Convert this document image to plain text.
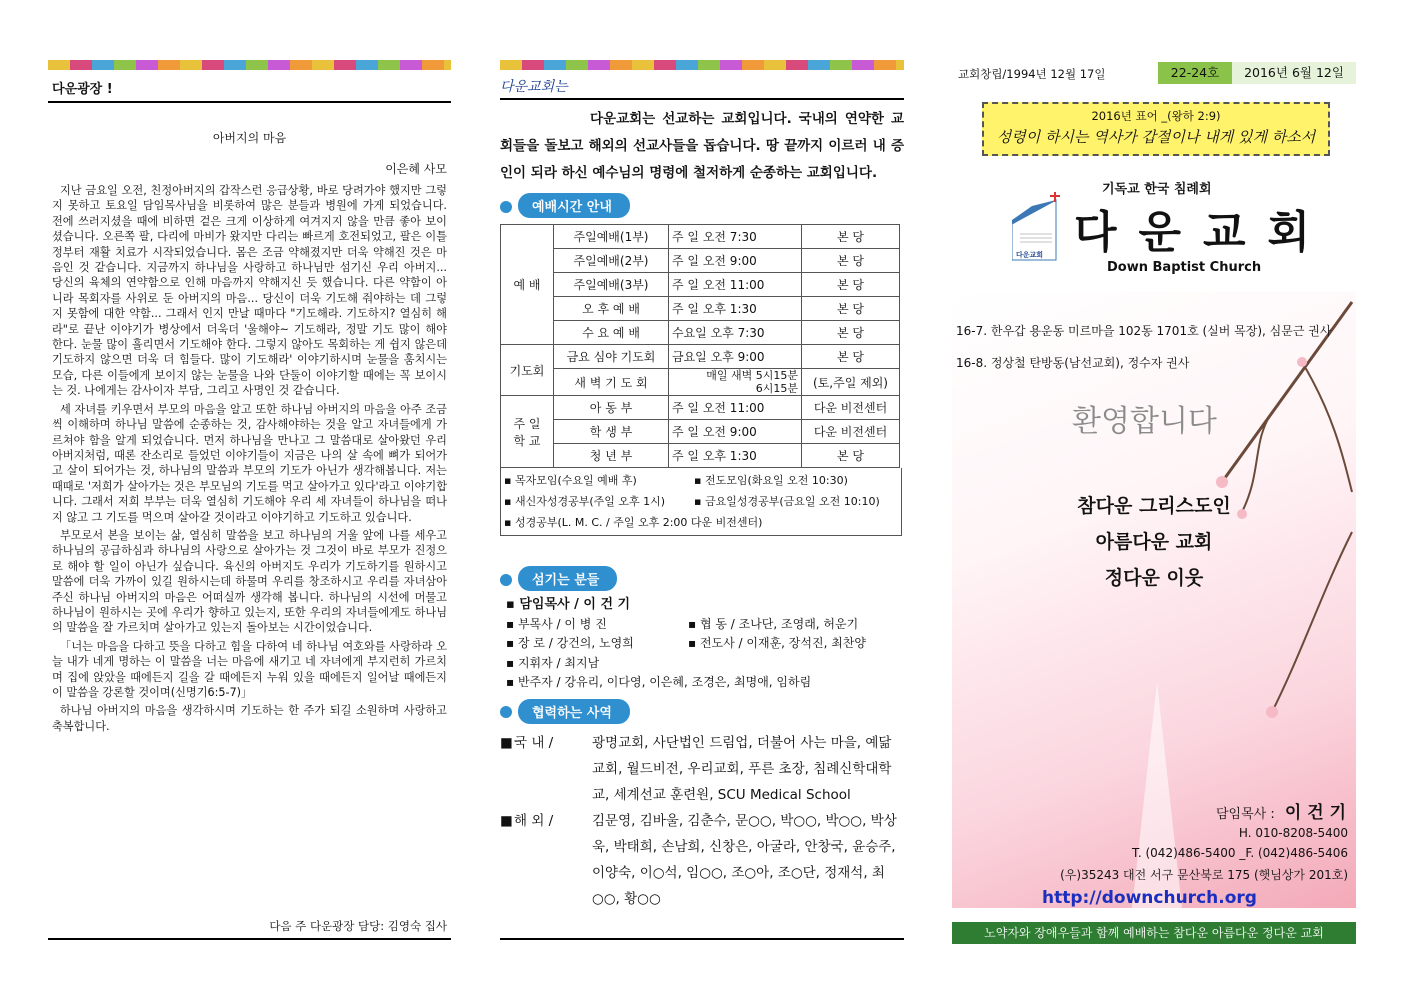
다운광장 !
아버지의 마음
이은혜 사모

지난 금요일 오전, 친정아버지의 갑작스런 응급상황, 바로 당려가야 했지만 그렇지 못하고 토요일 담임목사님을 비롯하여 많은 분들과 병원에 가게 되었습니다. 전에 쓰러지셨을 때에 비하면 겉은 크게 이상하게 여겨지지 않을 만큼 좋아 보이셨습니다. 오른쪽 팔, 다리에 마비가 왔지만 다리는 빠르게 호전되었고, 팔은 이틀 정부터 재활 치료가 시작되었습니다. 몸은 조금 약해졌지만 더욱 약해진 것은 마음인 것 같습니다. 지금까지 하나님을 사랑하고 하나님만 섬기신 우리 아버지... 당신의 육체의 연약함으로 인해 마음까지 약해지신 듯 했습니다. 다른 약함이 아니라 목회자를 사위로 둔 아버지의 마음... 당신이 더욱 기도해 줘야하는 데 그렇지 못함에 대한 약함... 그래서 인지 만날 때마다 "기도해라. 기도하지? 열심히 해라"로 끝난 이야기가 병상에서 더욱더 '울해야~ 기도해라, 정말 기도 많이 해야 한다. 눈물 많이 흘리면서 기도해야 한다. 그렇지 않아도 목회하는 게 쉽지 않은데 기도하지 않으면 더욱 더 힘들다. 많이 기도해라' 이야기하시며 눈물을 훔치시는 모습, 다른 이들에게 보이지 않는 눈물을 나와 단둘이 이야기할 때에는 꼭 보이시는 것. 나에게는 감사이자 부담, 그리고 사명인 것 같습니다.

세 자녀를 키우면서 부모의 마음을 알고 또한 하나님 아버지의 마음을 아주 조금씩 이해하며 하나님 말씀에 순종하는 것, 감사해야하는 것을 알고 자녀들에게 가르쳐야 함을 알게 되었습니다. 먼저 하나님을 만나고 그 말씀대로 살아왔던 우리 아버지처럼, 때론 잔소리로 들었던 이야기들이 지금은 나의 살 속에 뼈가 되어가고 살이 되어가는 것, 하나님의 말씀과 부모의 기도가 아닌가 생각해봅니다. 저는 때때로 '저희가 살아가는 것은 부모님의 기도를 먹고 살아가고 있다'라고 이야기합니다. 그래서 저희 부부는 더욱 열심히 기도해야 우리 세 자녀들이 하나님을 떠나지 않고 그 기도를 먹으며 살아갈 것이라고 이야기하고 기도하고 있습니다.

부모로서 본을 보이는 삶, 열심히 말씀을 보고 하나님의 거울 앞에 나를 세우고 하나님의 공급하심과 하나님의 사랑으로 살아가는 것 그것이 바로 부모가 진정으로 해야 할 일이 아닌가 싶습니다. 육신의 아버지도 우리가 기도하기를 원하시고 말씀에 더욱 가까이 있길 원하시는데 하물며 우리를 창조하시고 우리를 자녀삼아 주신 하나님 아버지의 마음은 어떠실까 생각해 봅니다. 하나님의 시선에 머물고 하나님이 원하시는 곳에 우리가 향하고 있는지, 또한 우리의 자녀들에게도 하나님의 말씀을 잘 가르치며 살아가고 있는지 돌아보는 시간이었습니다.

「너는 마음을 다하고 뜻을 다하고 힘을 다하여 네 하나님 여호와를 사랑하라 오늘 내가 네게 명하는 이 말씀을 너는 마음에 새기고 네 자녀에게 부지런히 가르치며 집에 앉았을 때에든지 길을 갈 때에든지 누워 있을 때에든지 일어날 때에든지 이 말씀을 강론할 것이며(신명기6:5-7)」

하나님 아버지의 마음을 생각하시며 기도하는 한 주가 되길 소원하며 사랑하고 축복합니다.

다음 주 다운광장 담당: 김영숙 집사
다운교회는
다운교회는 선교하는 교회입니다. 국내의 연약한 교회들을 돌보고 해외의 선교사들을 돕습니다. 땅 끝까지 이르러 내 증인이 되라 하신 예수님의 명령에 철저하게 순종하는 교회입니다.
예배시간 안내
예 배	주일예배(1부)	주 일 오전 7:30	본 당
	주일예배(2부)	주 일 오전 9:00	본 당
	주일예배(3부)	주 일 오전 11:00	본 당
	오 후 예 배	주 일 오후 1:30	본 당
	수 요 예 배	수요일 오후 7:30	본 당
기도회	금요 심야 기도회	금요일 오후 9:00	본 당
	새 벽 기 도 회	매일 새벽 5시15분
6시15분	(토,주일 제외)
주 일
학 교	아 동 부	주 일 오전 11:00	다운 비전센터
	학 생 부	주 일 오전 9:00	다운 비전센터
	청 년 부	주 일 오후 1:30	본 당
▪ 목자모임(수요일 예배 후)	▪ 전도모임(화요일 오전 10:30)
▪ 새신자성경공부(주일 오후 1시)	▪ 금요일성경공부(금요일 오전 10:10)
▪ 성경공부(L. M. C. / 주일 오후 2:00 다운 비전센터)
섬기는 분들
▪ 담임목사 / 이 건 기
▪ 부목사 / 이 병 진	▪ 협 동 / 조나단, 조영래, 허운기
▪ 장 로 / 강건의, 노영희	▪ 전도사 / 이재훈, 장석진, 최찬양
▪ 지휘자 / 최지남
▪ 반주자 / 강유리, 이다영, 이은혜, 조경은, 최명애, 임하림
협력하는 사역
■ 국 내 /	광명교회, 사단법인 드림업, 더불어 사는 마을, 예닮교회, 월드비전, 우리교회, 푸른 초장, 침례신학대학교, 세계선교 훈련원, SCU Medical School
■ 해 외 /	김문영, 김바울, 김춘수, 문○○, 박○○, 박○○, 박상욱, 박태희, 손남희, 신창은, 아굴라, 안창국, 윤승주, 이양숙, 이○석, 임○○, 조○아, 조○단, 정재석, 최○○, 황○○
교회창립/1994년 12월 17일	22-24호	2016년 6월 12일
2016년 표어 _(왕하 2:9)
성령이 하시는 역사가 갑절이나 내게 있게 하소서
다운교회
기독교 한국 침례회
다운교회
Down Baptist Church
16-7. 한우갑 용운동 미르마을 102동 1701호 (실버 목장), 심문근 권사
16-8. 정상철 탄방동(남선교회), 정수자 권사
환영합니다
참다운 그리스도인
아름다운 교회
정다운 이웃
담임목사 : 이 건 기
H. 010-8208-5400
T. (042)486-5400 _F. (042)486-5406
(우)35243 대전 서구 문산북로 175 (햇님상가 201호)
http://downchurch.org
노약자와 장애우들과 함께 예배하는 참다운 아름다운 정다운 교회
